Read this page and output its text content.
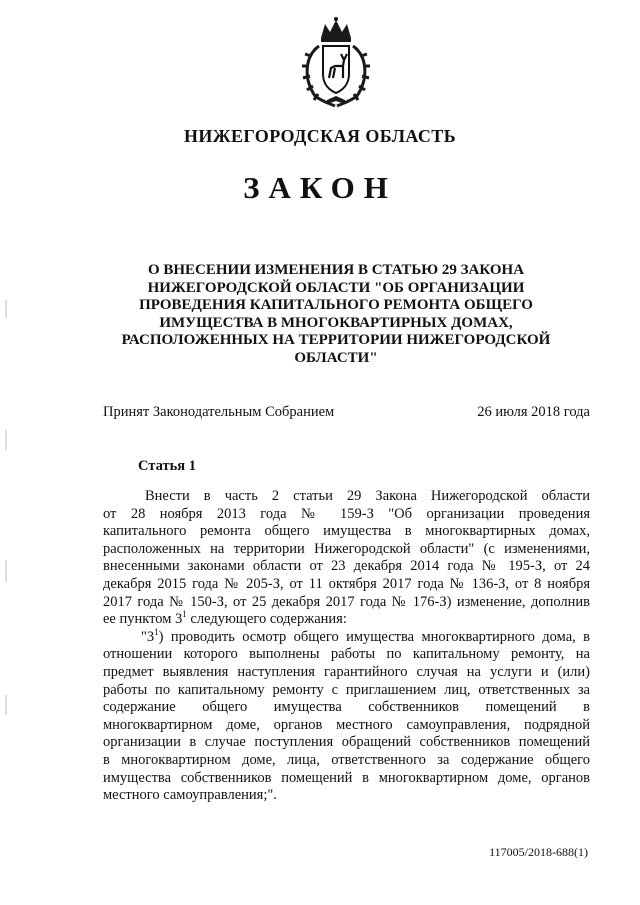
НИЖЕГОРОДСКАЯ ОБЛАСТЬ
ЗАКОН
О ВНЕСЕНИИ ИЗМЕНЕНИЯ В СТАТЬЮ 29 ЗАКОНА
НИЖЕГОРОДСКОЙ ОБЛАСТИ "ОБ ОРГАНИЗАЦИИ
ПРОВЕДЕНИЯ КАПИТАЛЬНОГО РЕМОНТА ОБЩЕГО
ИМУЩЕСТВА В МНОГОКВАРТИРНЫХ ДОМАХ,
РАСПОЛОЖЕННЫХ НА ТЕРРИТОРИИ НИЖЕГОРОДСКОЙ
ОБЛАСТИ"
Принят Законодательным Собранием	26 июля 2018 года
Статья 1
Внести в часть 2 статьи 29 Закона Нижегородской области
от 28 ноября 2013 года № 159-З "Об организации проведения
капитального ремонта общего имущества в многоквартирных домах,
расположенных на территории Нижегородской области" (с изменениями,
внесенными законами области от 23 декабря 2014 года № 195-З, от 24
декабря 2015 года № 205-З, от 11 октября 2017 года № 136-З, от 8 ноября
2017 года № 150-З, от 25 декабря 2017 года № 176-З) изменение, дополнив
ее пунктом $3^1$ следующего содержания:
"$3^1$) проводить осмотр общего имущества многоквартирного дома, в
отношении которого выполнены работы по капитальному ремонту, на
предмет выявления наступления гарантийного случая на услуги и (или)
работы по капитальному ремонту с приглашением лиц, ответственных за
содержание общего имущества собственников помещений в
многоквартирном доме, органов местного самоуправления, подрядной
организации в случае поступления обращений собственников помещений
в многоквартирном доме, лица, ответственного за содержание общего
имущества собственников помещений в многоквартирном доме, органов
местного самоуправления;".
117005/2018-688(1)
